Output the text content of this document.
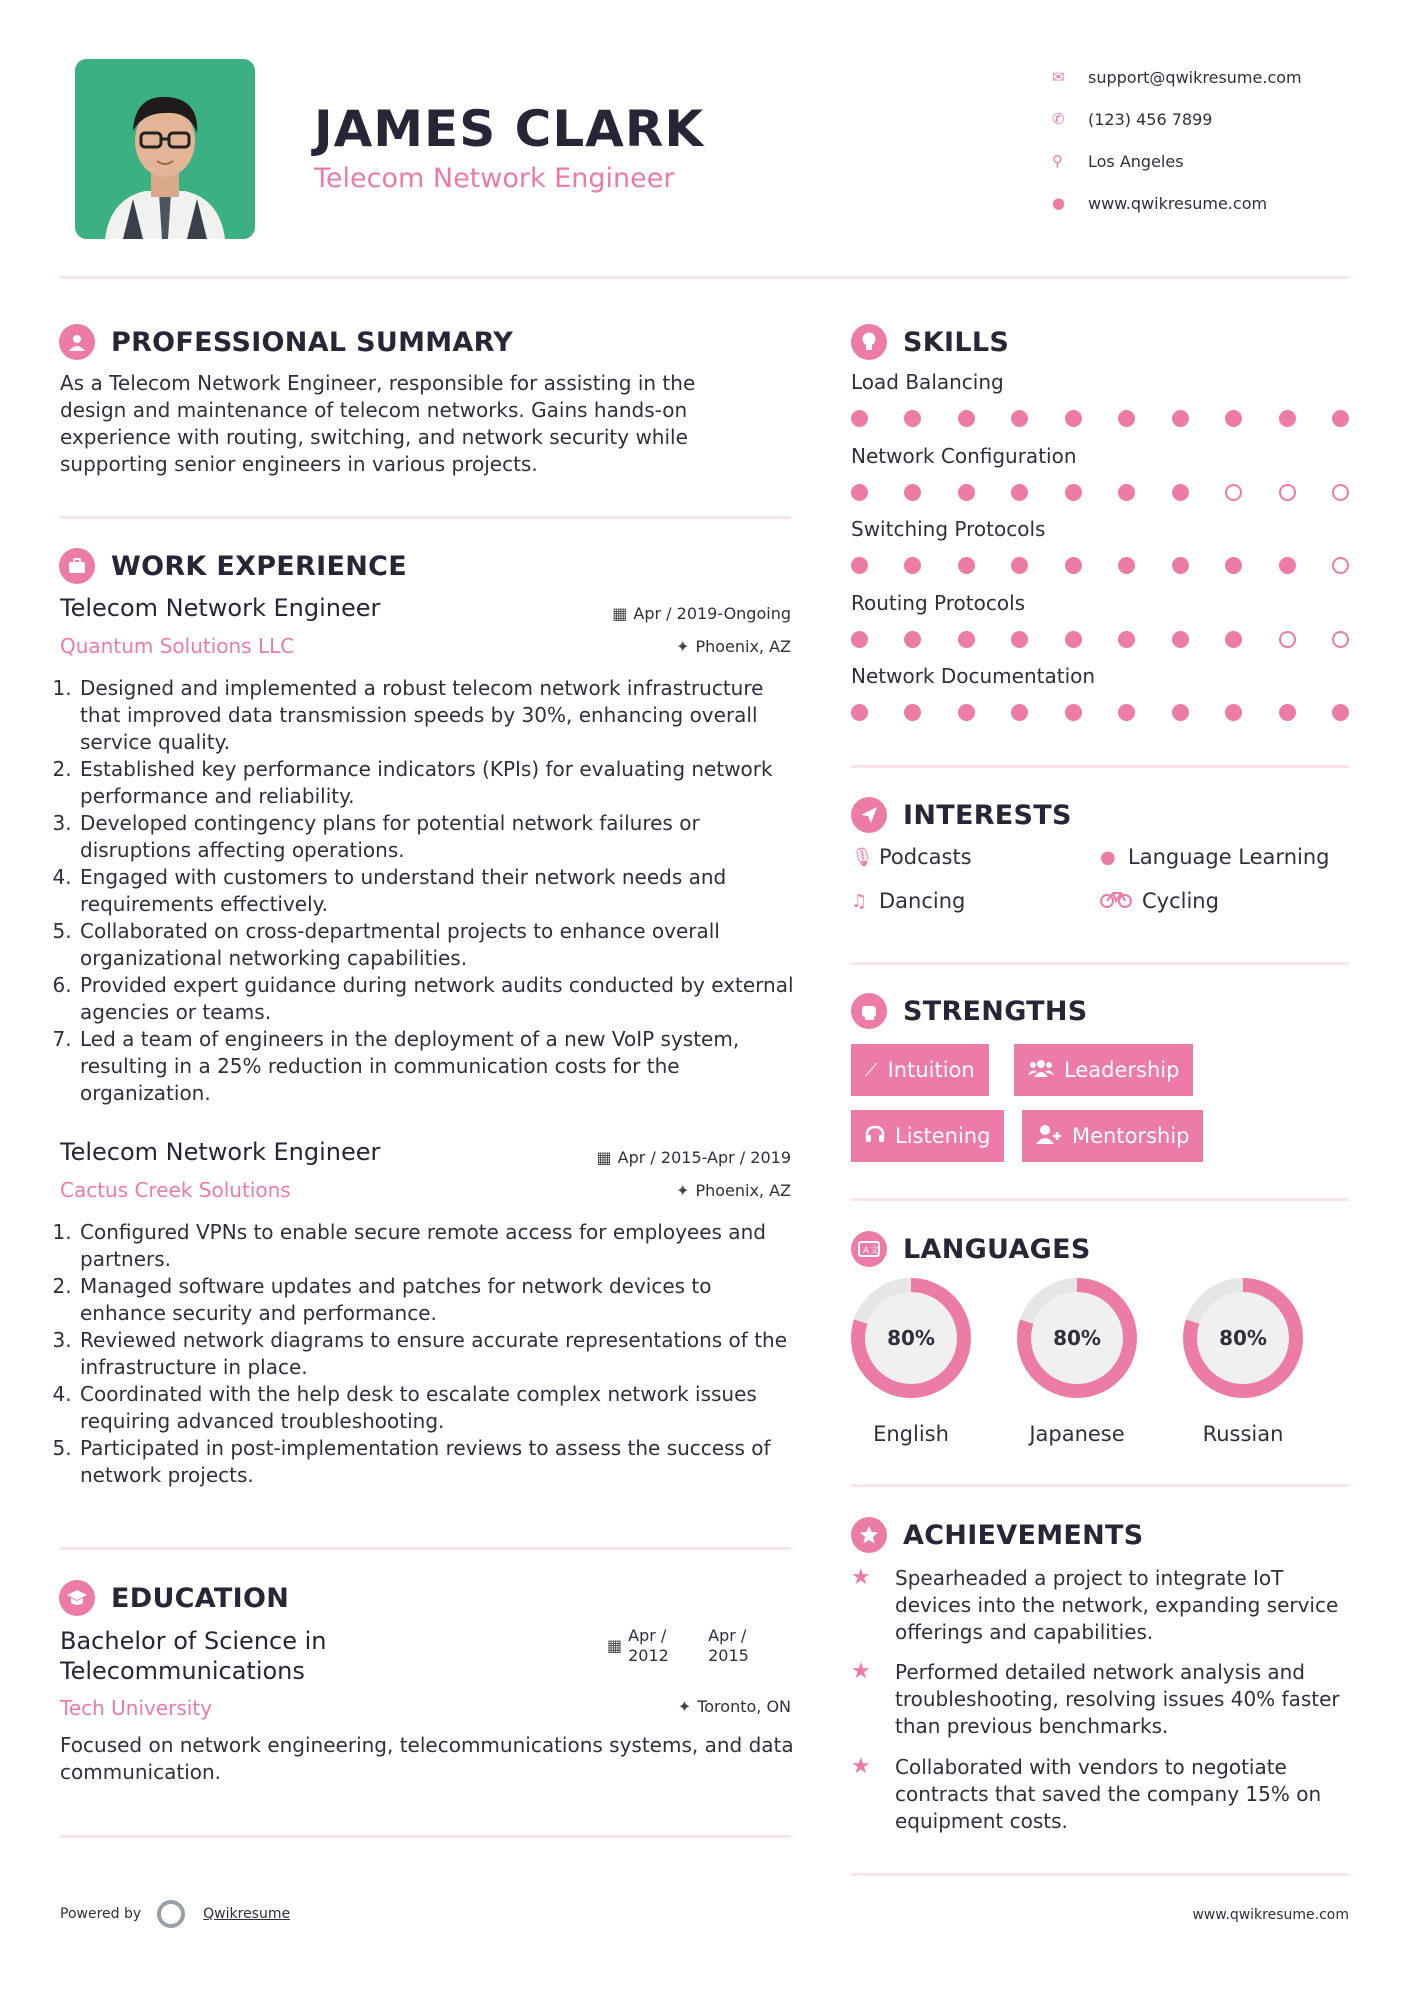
JAMES CLARK
Telecom Network Engineer
✉	support@qwikresume.com
✆	(123) 456 7899
⚲	Los Angeles
●	www.qwikresume.com
PROFESSIONAL SUMMARY
As a Telecom Network Engineer, responsible for assisting in the design and maintenance of telecom networks. Gains hands-on experience with routing, switching, and network security while supporting senior engineers in various projects.
WORK EXPERIENCE
Telecom Network Engineer	▦ Apr / 2019-Ongoing
Quantum Solutions LLC	✦ Phoenix, AZ
1. Designed and implemented a robust telecom network infrastructure that improved data transmission speeds by 30%, enhancing overall service quality.
2. Established key performance indicators (KPIs) for evaluating network performance and reliability.
3. Developed contingency plans for potential network failures or disruptions affecting operations.
4. Engaged with customers to understand their network needs and requirements effectively.
5. Collaborated on cross-departmental projects to enhance overall organizational networking capabilities.
6. Provided expert guidance during network audits conducted by external agencies or teams.
7. Led a team of engineers in the deployment of a new VoIP system, resulting in a 25% reduction in communication costs for the organization.
Telecom Network Engineer	▦ Apr / 2015-Apr / 2019
Cactus Creek Solutions	✦ Phoenix, AZ
1. Configured VPNs to enable secure remote access for employees and partners.
2. Managed software updates and patches for network devices to enhance security and performance.
3. Reviewed network diagrams to ensure accurate representations of the infrastructure in place.
4. Coordinated with the help desk to escalate complex network issues requiring advanced troubleshooting.
5. Participated in post-implementation reviews to assess the success of network projects.
EDUCATION
Bachelor of Science in Telecommunications
▦
Apr / 2012
Apr / 2015
Tech University	✦ Toronto, ON
Focused on network engineering, telecommunications systems, and data communication.
SKILLS
Load Balancing
Network Configuration
Switching Protocols
Routing Protocols
Network Documentation
INTERESTS
🎙 Podcasts	● Language Learning
♫ Dancing	Cycling
STRENGTHS
⟋ Intuition	Leadership
Listening	Mentorship
A 文 LANGUAGES
80%
English
80%
Japanese
80%
Russian
ACHIEVEMENTS
★	Spearheaded a project to integrate IoT devices into the network, expanding service offerings and capabilities.
★	Performed detailed network analysis and troubleshooting, resolving issues 40% faster than previous benchmarks.
★	Collaborated with vendors to negotiate contracts that saved the company 15% on equipment costs.
Powered by	Qwikresume	www.qwikresume.com
